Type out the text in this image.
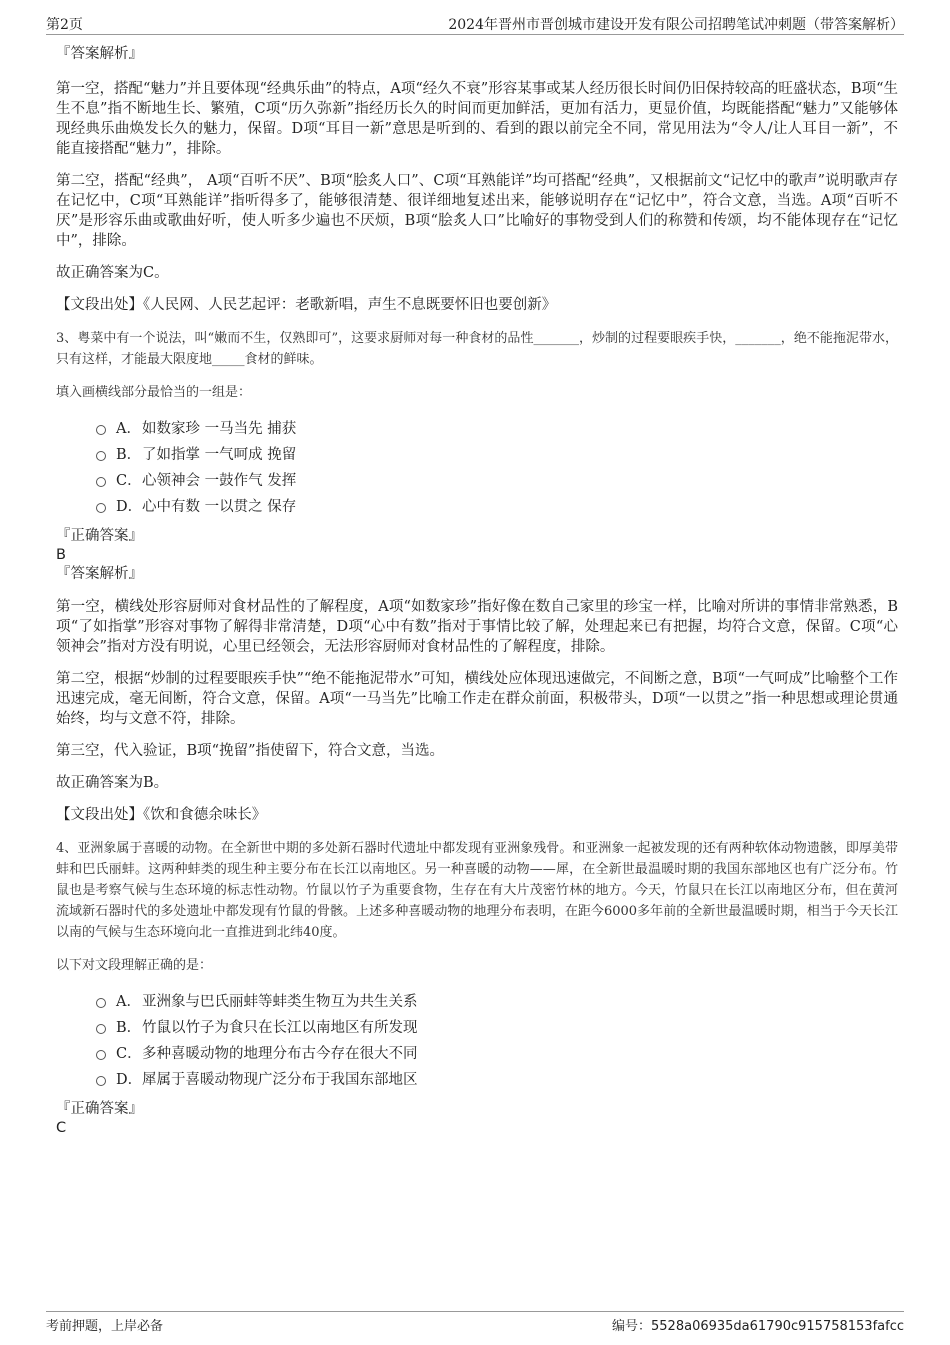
第2页	2024年晋州市晋创城市建设开发有限公司招聘笔试冲刺题（带答案解析）

『答案解析』

第一空，搭配“魅力”并且要体现“经典乐曲”的特点，A项“经久不衰”形容某事或某人经历很长时间仍旧保持较高的旺盛状态，B项“生生不息”指不断地生长、繁殖，C项“历久弥新”指经历长久的时间而更加鲜活，更加有活力，更显价值，均既能搭配“魅力”又能够体现经典乐曲焕发长久的魅力，保留。D项“耳目一新”意思是听到的、看到的跟以前完全不同，常见用法为“令人/让人耳目一新”，不能直接搭配“魅力”，排除。

第二空，搭配“经典”， A项“百听不厌”、B项“脍炙人口”、C项“耳熟能详”均可搭配“经典”，又根据前文“记忆中的歌声”说明歌声存在记忆中，C项“耳熟能详”指听得多了，能够很清楚、很详细地复述出来，能够说明存在“记忆中”，符合文意，当选。A项“百听不厌”是形容乐曲或歌曲好听，使人听多少遍也不厌烦，B项“脍炙人口”比喻好的事物受到人们的称赞和传颂，均不能体现存在“记忆中”，排除。

故正确答案为C。

【文段出处】《人民网、人民艺起评：老歌新唱，声生不息既要怀旧也要创新》

3、粤菜中有一个说法，叫“嫩而不生，仅熟即可”，这要求厨师对每一种食材的品性_______，炒制的过程要眼疾手快，_______，绝不能拖泥带水，只有这样，才能最大限度地_____食材的鲜味。

填入画横线部分最恰当的一组是：

A．如数家珍 一马当先 捕获
B．了如指掌 一气呵成 挽留
C．心领神会 一鼓作气 发挥
D．心中有数 一以贯之 保存

『正确答案』

B

『答案解析』

第一空，横线处形容厨师对食材品性的了解程度，A项“如数家珍”指好像在数自己家里的珍宝一样，比喻对所讲的事情非常熟悉，B项“了如指掌”形容对事物了解得非常清楚，D项“心中有数”指对于事情比较了解，处理起来已有把握，均符合文意，保留。C项“心领神会”指对方没有明说，心里已经领会，无法形容厨师对食材品性的了解程度，排除。

第二空，根据“炒制的过程要眼疾手快”“绝不能拖泥带水”可知，横线处应体现迅速做完，不间断之意，B项“一气呵成”比喻整个工作迅速完成，毫无间断，符合文意，保留。A项“一马当先”比喻工作走在群众前面，积极带头，D项“一以贯之”指一种思想或理论贯通始终，均与文意不符，排除。

第三空，代入验证，B项“挽留”指使留下，符合文意，当选。

故正确答案为B。

【文段出处】《饮和食德余味长》

4、亚洲象属于喜暖的动物。在全新世中期的多处新石器时代遗址中都发现有亚洲象残骨。和亚洲象一起被发现的还有两种软体动物遗骸，即厚美带蚌和巴氏丽蚌。这两种蚌类的现生种主要分布在长江以南地区。另一种喜暖的动物——犀，在全新世最温暖时期的我国东部地区也有广泛分布。竹鼠也是考察气候与生态环境的标志性动物。竹鼠以竹子为重要食物，生存在有大片茂密竹林的地方。今天，竹鼠只在长江以南地区分布，但在黄河流域新石器时代的多处遗址中都发现有竹鼠的骨骸。上述多种喜暖动物的地理分布表明，在距今6000多年前的全新世最温暖时期，相当于今天长江以南的气候与生态环境向北一直推进到北纬40度。

以下对文段理解正确的是：

A．亚洲象与巴氏丽蚌等蚌类生物互为共生关系
B．竹鼠以竹子为食只在长江以南地区有所发现
C．多种喜暖动物的地理分布古今存在很大不同
D．犀属于喜暖动物现广泛分布于我国东部地区

『正确答案』

C

考前押题，上岸必备	编号：5528a06935da61790c915758153fafcc
